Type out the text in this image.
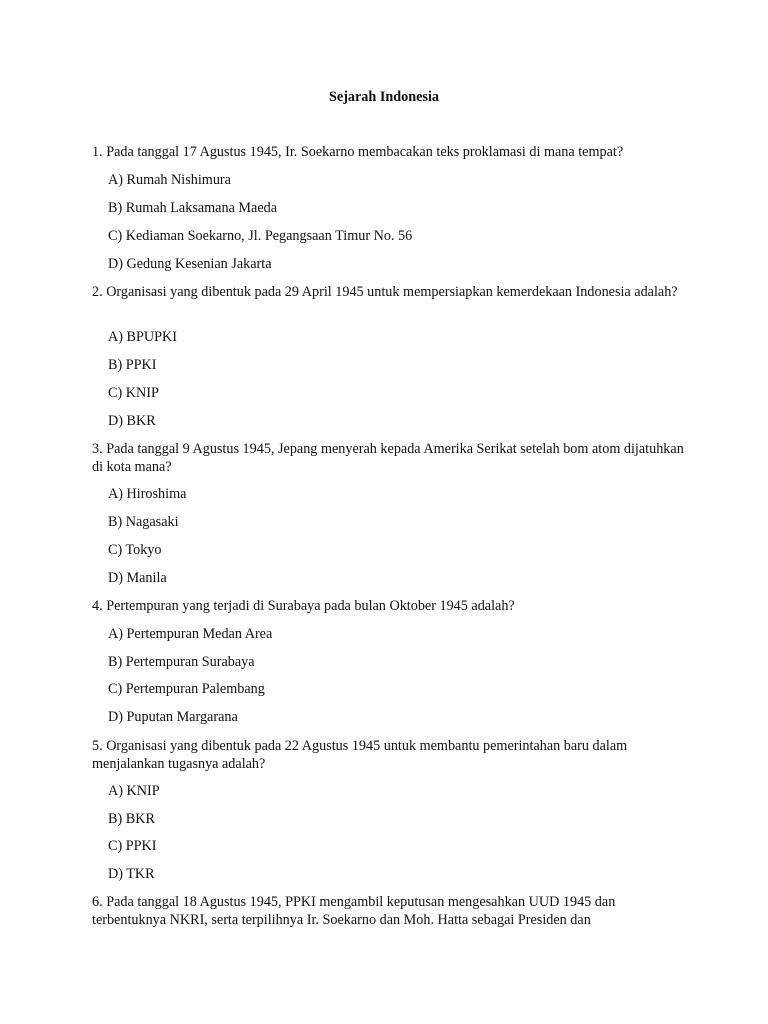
Sejarah Indonesia
1. Pada tanggal 17 Agustus 1945, Ir. Soekarno membacakan teks proklamasi di mana tempat?
A) Rumah Nishimura
B) Rumah Laksamana Maeda
C) Kediaman Soekarno, Jl. Pegangsaan Timur No. 56
D) Gedung Kesenian Jakarta
2. Organisasi yang dibentuk pada 29 April 1945 untuk mempersiapkan kemerdekaan Indonesia adalah?
A) BPUPKI
B) PPKI
C) KNIP
D) BKR
3. Pada tanggal 9 Agustus 1945, Jepang menyerah kepada Amerika Serikat setelah bom atom dijatuhkan di kota mana?
A) Hiroshima
B) Nagasaki
C) Tokyo
D) Manila
4. Pertempuran yang terjadi di Surabaya pada bulan Oktober 1945 adalah?
A) Pertempuran Medan Area
B) Pertempuran Surabaya
C) Pertempuran Palembang
D) Puputan Margarana
5. Organisasi yang dibentuk pada 22 Agustus 1945 untuk membantu pemerintahan baru dalam menjalankan tugasnya adalah?
A) KNIP
B) BKR
C) PPKI
D) TKR
6. Pada tanggal 18 Agustus 1945, PPKI mengambil keputusan mengesahkan UUD 1945 dan terbentuknya NKRI, serta terpilihnya Ir. Soekarno dan Moh. Hatta sebagai Presiden dan
